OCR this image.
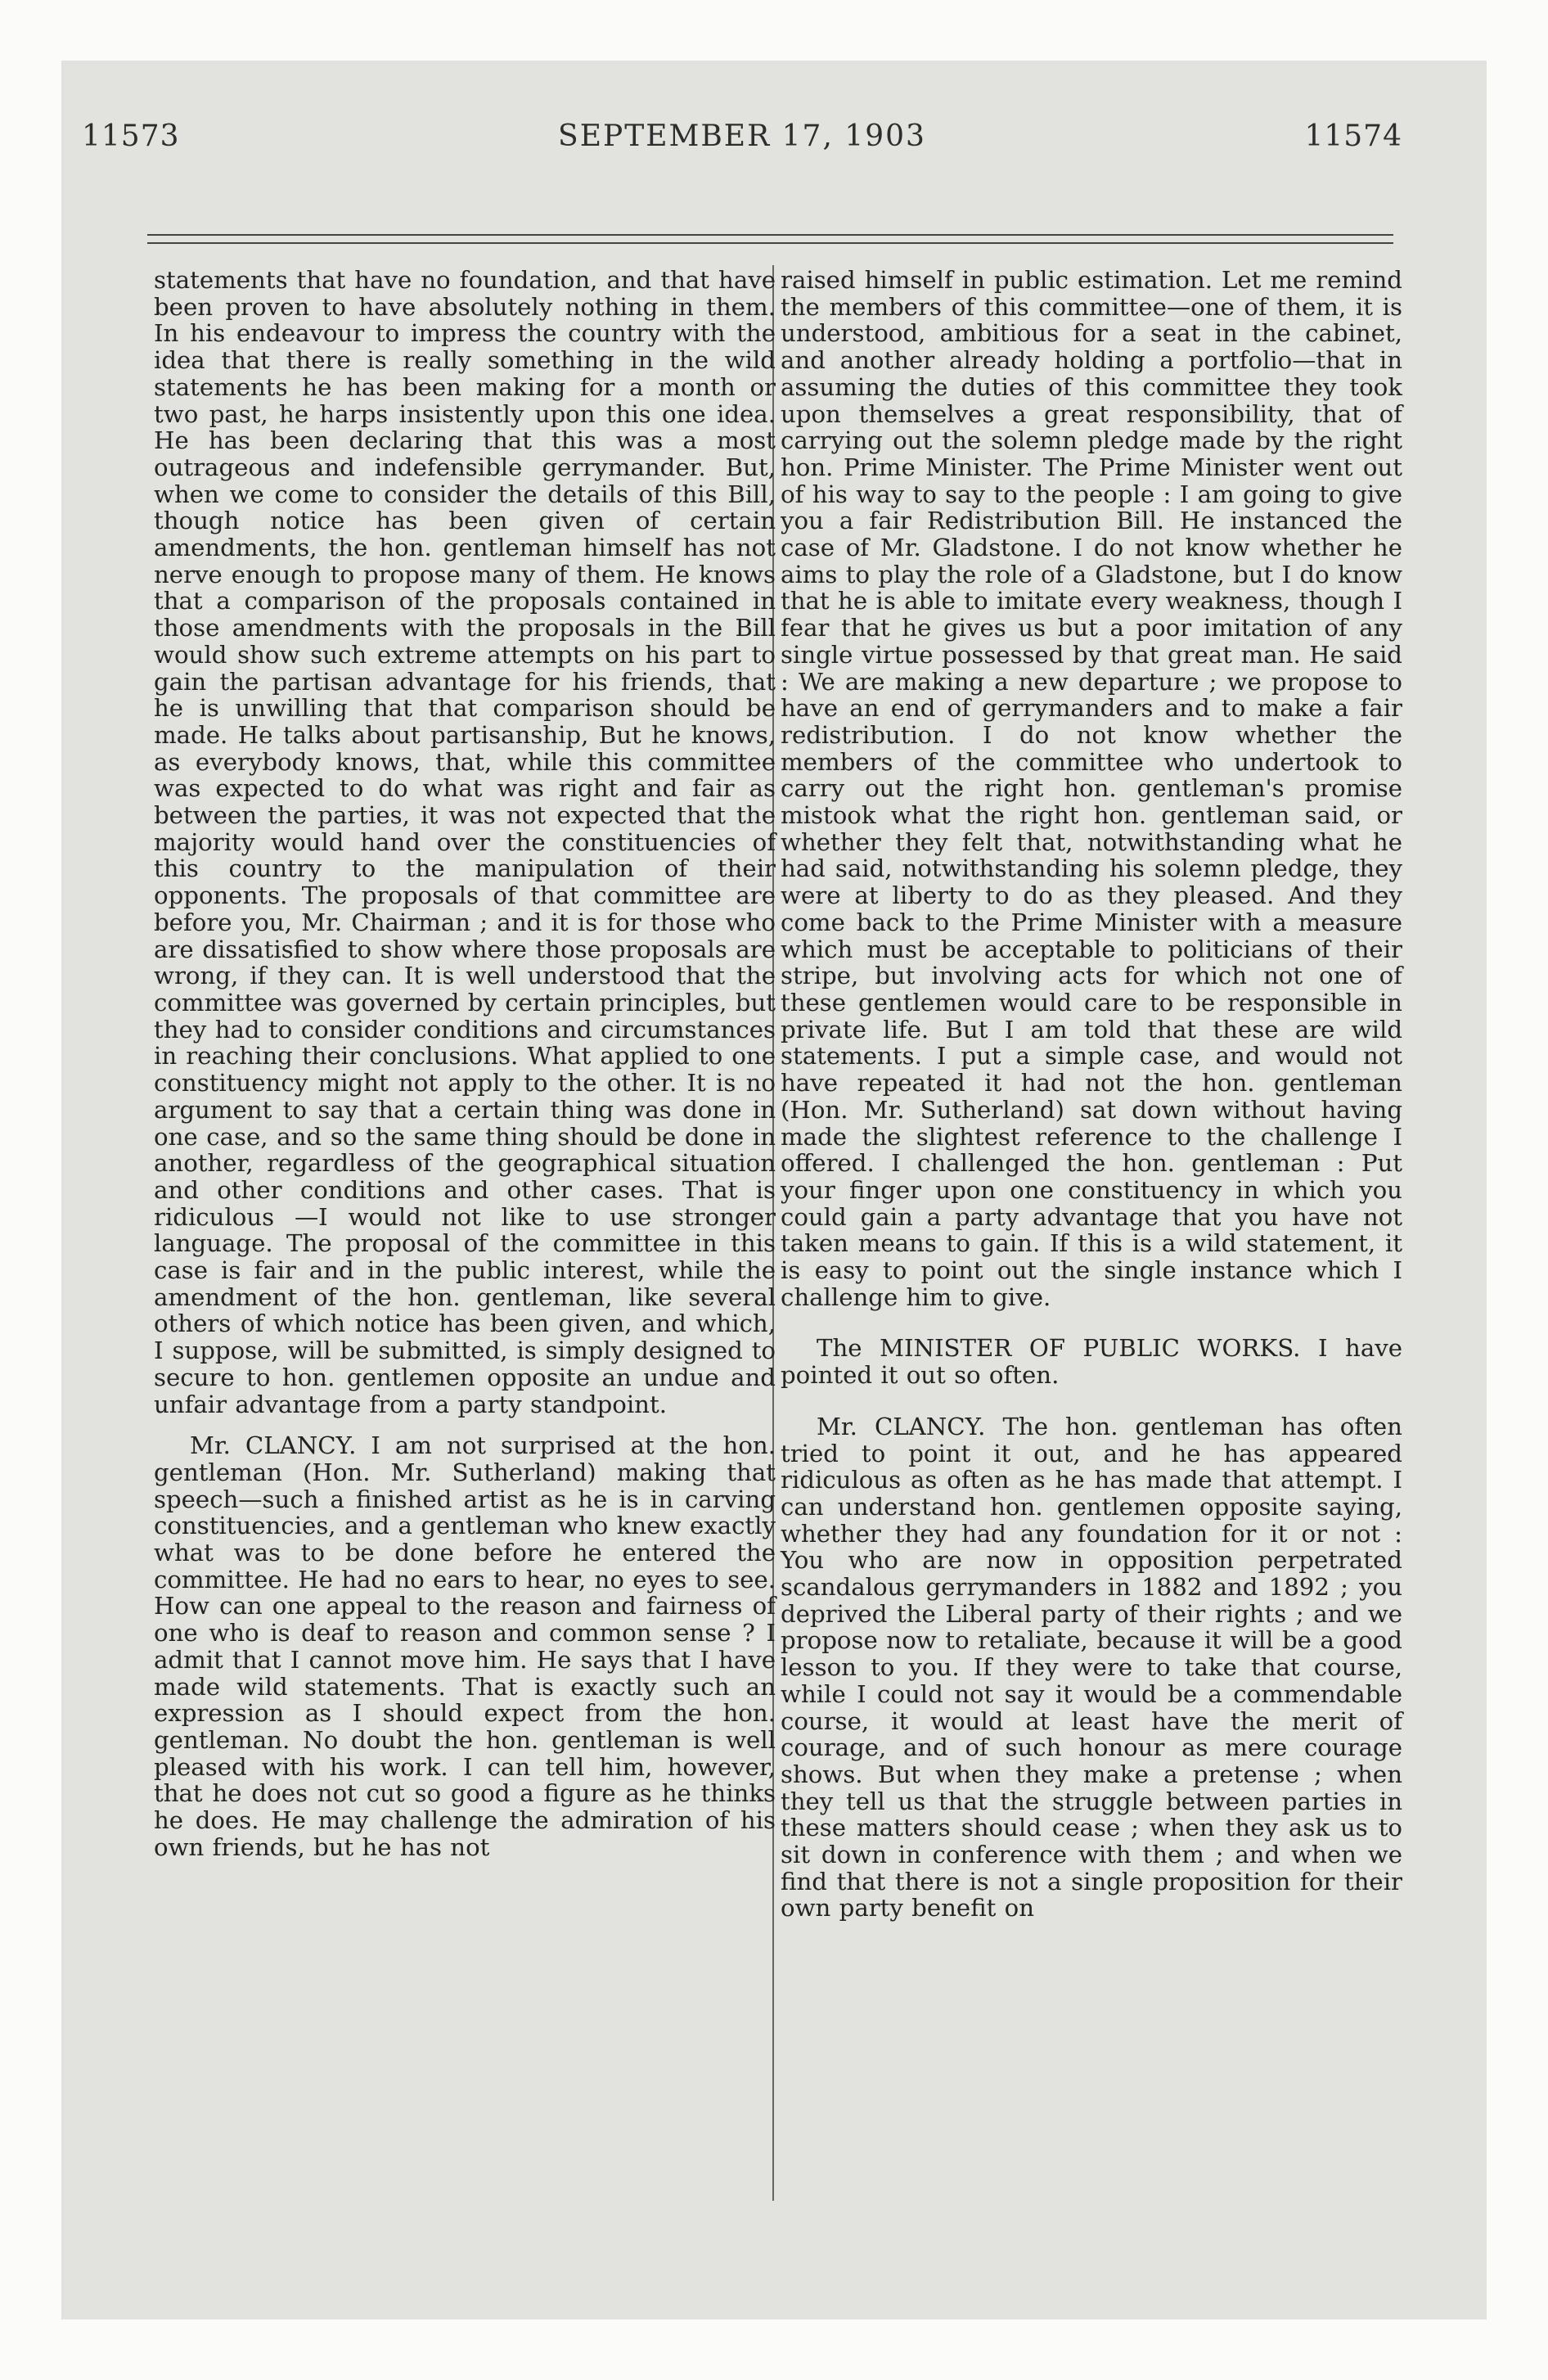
11573	SEPTEMBER 17, 1903	11574

statements that have no foundation, and that have been proven to have absolutely nothing in them. In his endeavour to impress the country with the idea that there is really something in the wild statements he has been making for a month or two past, he harps insistently upon this one idea. He has been declaring that this was a most outrageous and indefensible gerrymander. But, when we come to consider the details of this Bill, though notice has been given of certain amendments, the hon. gentleman himself has not nerve enough to propose many of them. He knows that a comparison of the proposals contained in those amendments with the proposals in the Bill would show such extreme attempts on his part to gain the partisan advantage for his friends, that he is unwilling that that comparison should be made. He talks about partisanship, But he knows, as everybody knows, that, while this committee was expected to do what was right and fair as between the parties, it was not expected that the majority would hand over the constituencies of this country to the manipulation of their opponents. The proposals of that committee are before you, Mr. Chairman ; and it is for those who are dissatisfied to show where those proposals are wrong, if they can. It is well understood that the committee was governed by certain principles, but they had to consider conditions and circumstances in reaching their conclusions. What applied to one constituency might not apply to the other. It is no argument to say that a certain thing was done in one case, and so the same thing should be done in another, regardless of the geographical situation and other conditions and other cases. That is ridiculous —I would not like to use stronger language. The proposal of the committee in this case is fair and in the public interest, while the amendment of the hon. gentleman, like several others of which notice has been given, and which, I suppose, will be submitted, is simply designed to secure to hon. gentlemen opposite an undue and unfair advantage from a party standpoint.

Mr. CLANCY. I am not surprised at the hon. gentleman (Hon. Mr. Sutherland) making that speech—such a finished artist as he is in carving constituencies, and a gentleman who knew exactly what was to be done before he entered the committee. He had no ears to hear, no eyes to see. How can one appeal to the reason and fairness of one who is deaf to reason and common sense ? I admit that I cannot move him. He says that I have made wild statements. That is exactly such an expression as I should expect from the hon. gentleman. No doubt the hon. gentleman is well pleased with his work. I can tell him, however, that he does not cut so good a figure as he thinks he does. He may challenge the admiration of his own friends, but he has not

raised himself in public estimation. Let me remind the members of this committee—one of them, it is understood, ambitious for a seat in the cabinet, and another already holding a portfolio—that in assuming the duties of this committee they took upon themselves a great responsibility, that of carrying out the solemn pledge made by the right hon. Prime Minister. The Prime Minister went out of his way to say to the people : I am going to give you a fair Redistribution Bill. He instanced the case of Mr. Gladstone. I do not know whether he aims to play the role of a Gladstone, but I do know that he is able to imitate every weakness, though I fear that he gives us but a poor imitation of any single virtue possessed by that great man. He said : We are making a new departure ; we propose to have an end of gerrymanders and to make a fair redistribution. I do not know whether the members of the committee who undertook to carry out the right hon. gentleman's promise mistook what the right hon. gentleman said, or whether they felt that, notwithstanding what he had said, notwithstanding his solemn pledge, they were at liberty to do as they pleased. And they come back to the Prime Minister with a measure which must be acceptable to politicians of their stripe, but involving acts for which not one of these gentlemen would care to be responsible in private life. But I am told that these are wild statements. I put a simple case, and would not have repeated it had not the hon. gentleman (Hon. Mr. Sutherland) sat down without having made the slightest reference to the challenge I offered. I challenged the hon. gentleman : Put your finger upon one constituency in which you could gain a party advantage that you have not taken means to gain. If this is a wild statement, it is easy to point out the single instance which I challenge him to give.

The MINISTER OF PUBLIC WORKS. I have pointed it out so often.

Mr. CLANCY. The hon. gentleman has often tried to point it out, and he has appeared ridiculous as often as he has made that attempt. I can understand hon. gentlemen opposite saying, whether they had any foundation for it or not : You who are now in opposition perpetrated scandalous gerrymanders in 1882 and 1892 ; you deprived the Liberal party of their rights ; and we propose now to retaliate, because it will be a good lesson to you. If they were to take that course, while I could not say it would be a commendable course, it would at least have the merit of courage, and of such honour as mere courage shows. But when they make a pretense ; when they tell us that the struggle between parties in these matters should cease ; when they ask us to sit down in conference with them ; and when we find that there is not a single proposition for their own party benefit on
